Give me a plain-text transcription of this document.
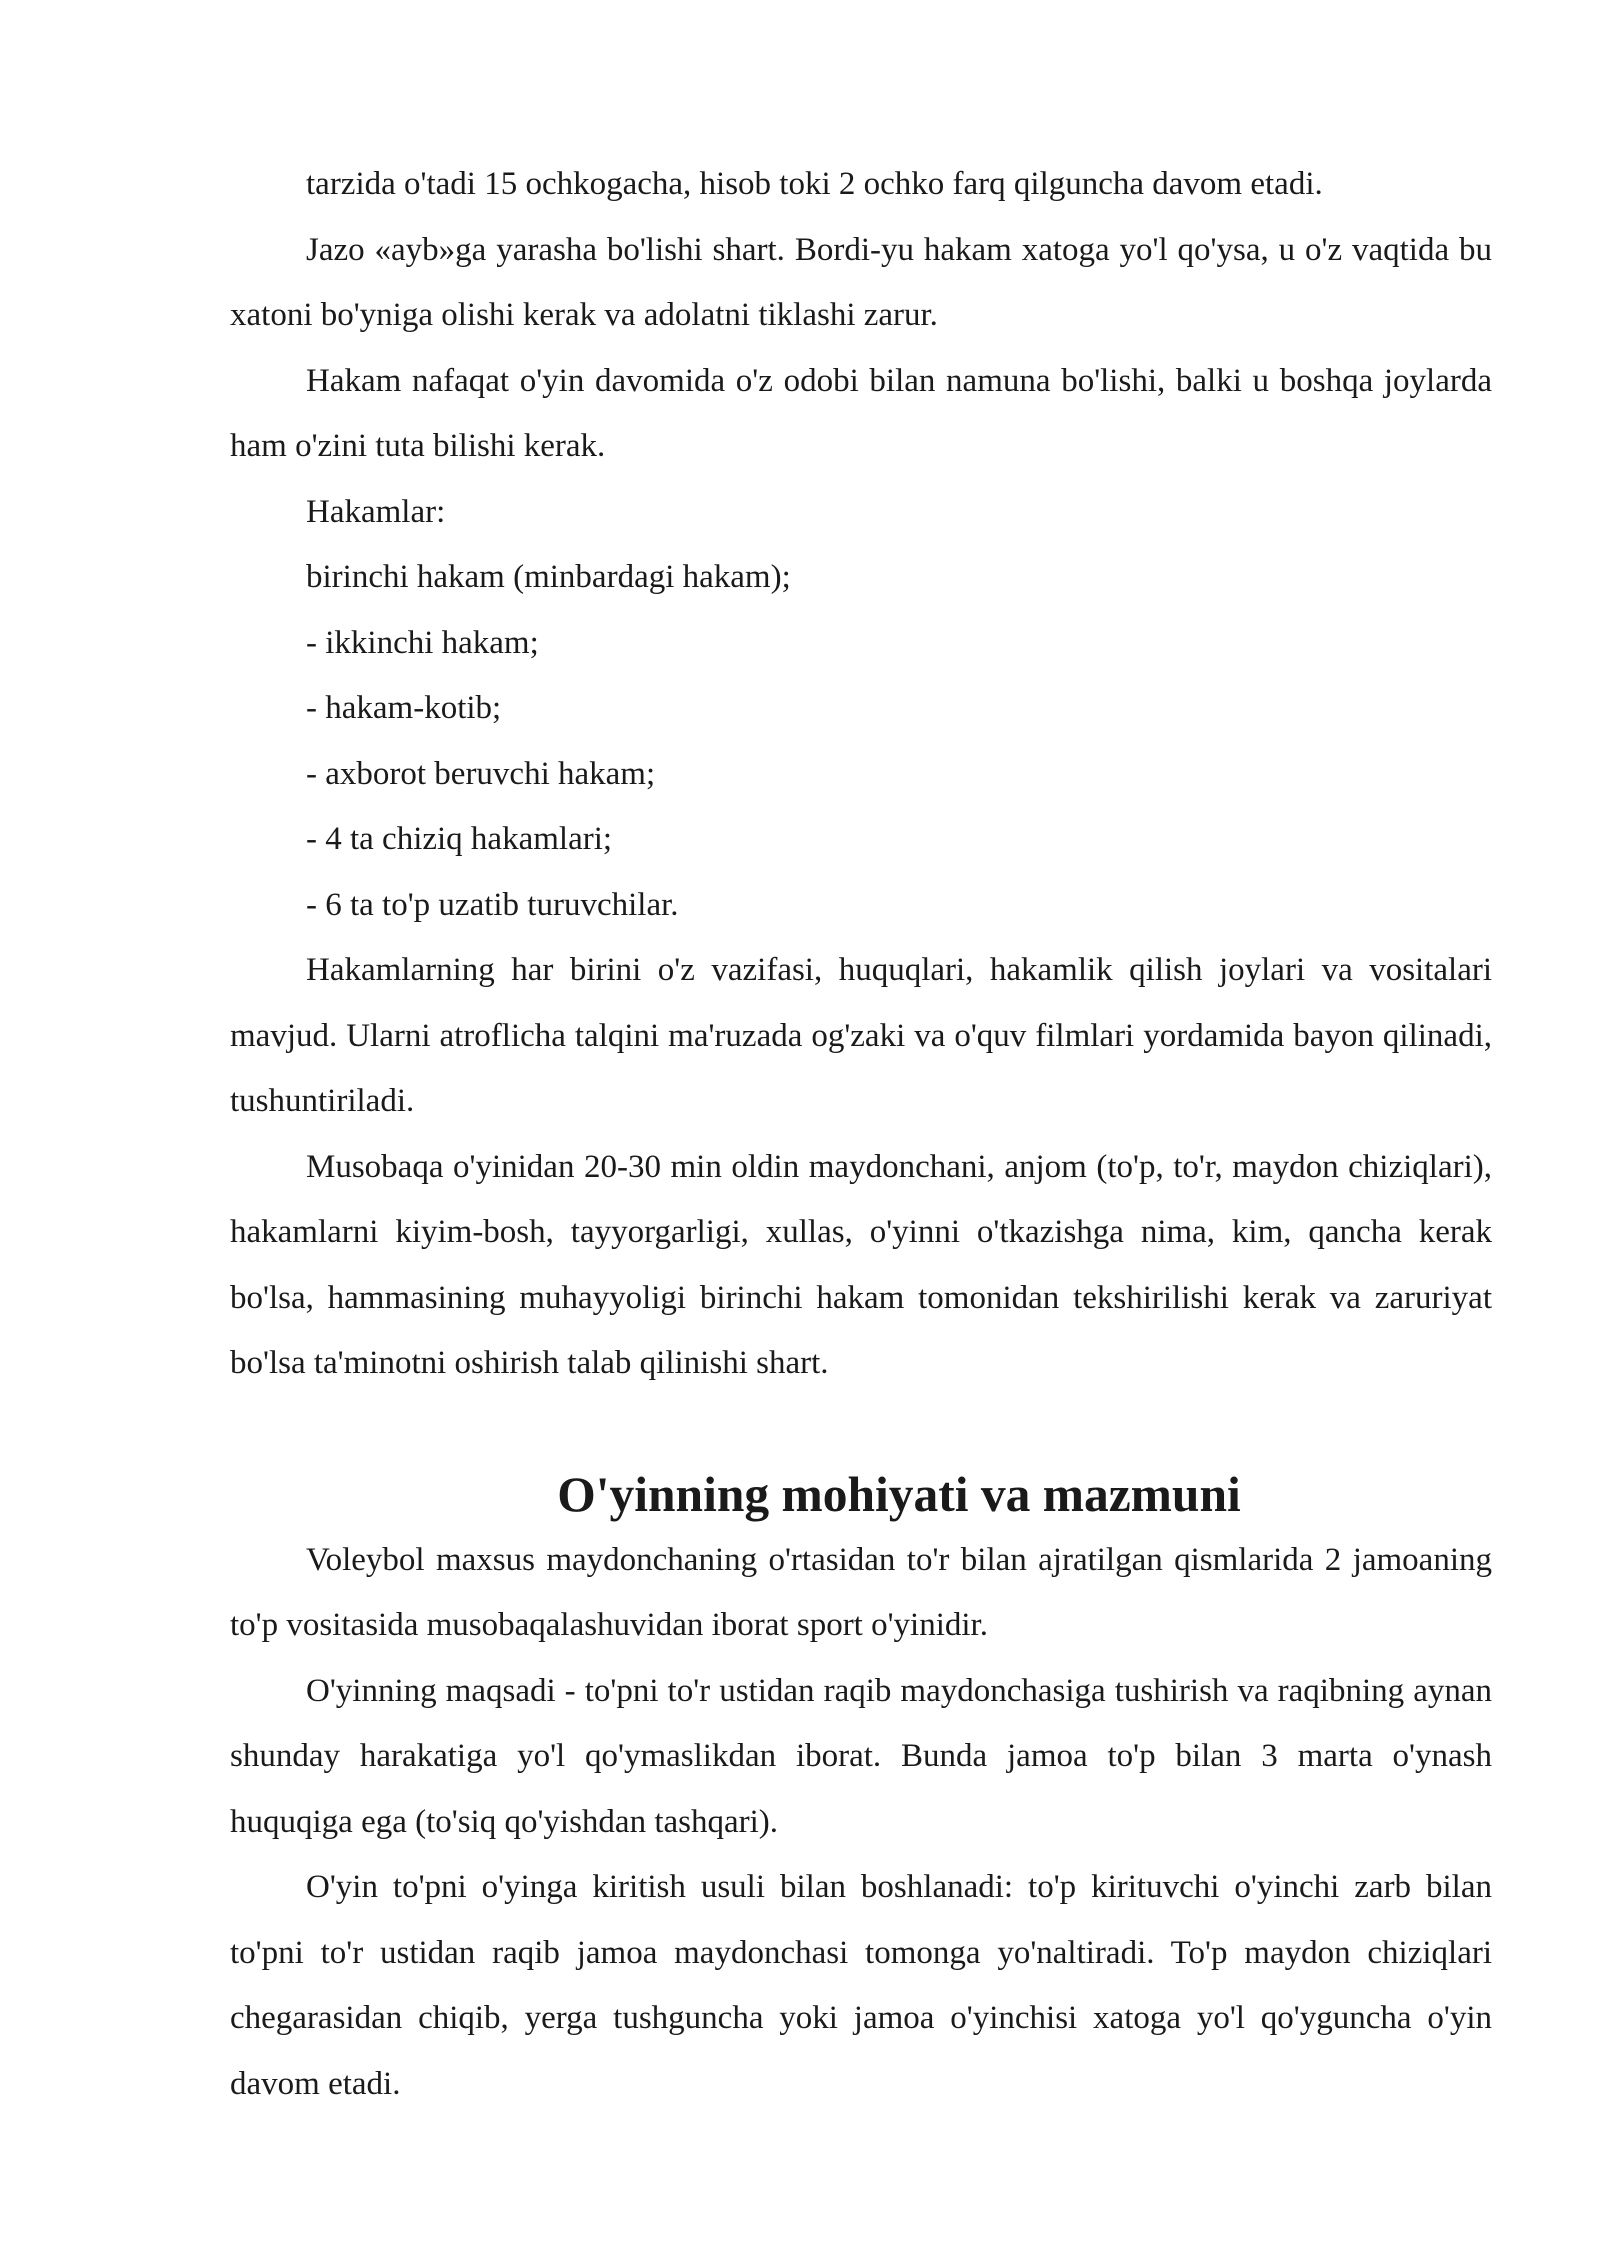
tarzida o'tadi 15 ochkogacha, hisob toki 2 ochko farq qilguncha davom etadi.

Jazo «ayb»ga yarasha bo'lishi shart. Bordi-yu hakam xatoga yo'l qo'ysa, u o'z vaqtida bu xatoni bo'yniga olishi kerak va adolatni tiklashi zarur.

Hakam nafaqat o'yin davomida o'z odobi bilan namuna bo'lishi, balki u boshqa joylarda ham o'zini tuta bilishi kerak.

Hakamlar:

birinchi hakam (minbardagi hakam);

- ikkinchi hakam;

- hakam-kotib;

- axborot beruvchi hakam;

- 4 ta chiziq hakamlari;

- 6 ta to'p uzatib turuvchilar.

Hakamlarning har birini o'z vazifasi, huquqlari, hakamlik qilish joylari va vositalari mavjud. Ularni atroflicha talqini ma'ruzada og'zaki va o'quv filmlari yordamida bayon qilinadi, tushuntiriladi.

Musobaqa o'yinidan 20-30 min oldin maydonchani, anjom (to'p, to'r, maydon chiziqlari), hakamlarni kiyim-bosh, tayyorgarligi, xullas, o'yinni o'tkazishga nima, kim, qancha kerak bo'lsa, hammasining muhayyoligi birinchi hakam tomonidan tekshirilishi kerak va zaruriyat bo'lsa ta'minotni oshirish talab qilinishi shart.

O'yinning mohiyati va mazmuni

Voleybol maxsus maydonchaning o'rtasidan to'r bilan ajratilgan qismlarida 2 jamoaning to'p vositasida musobaqalashuvidan iborat sport o'yinidir.

O'yinning maqsadi - to'pni to'r ustidan raqib maydonchasiga tushirish va raqibning aynan shunday harakatiga yo'l qo'ymaslikdan iborat. Bunda jamoa to'p bilan 3 marta o'ynash huquqiga ega (to'siq qo'yishdan tashqari).

O'yin to'pni o'yinga kiritish usuli bilan boshlanadi: to'p kirituvchi o'yinchi zarb bilan to'pni to'r ustidan raqib jamoa maydonchasi tomonga yo'naltiradi. To'p maydon chiziqlari chegarasidan chiqib, yerga tushguncha yoki jamoa o'yinchisi xatoga yo'l qo'yguncha o'yin davom etadi.
